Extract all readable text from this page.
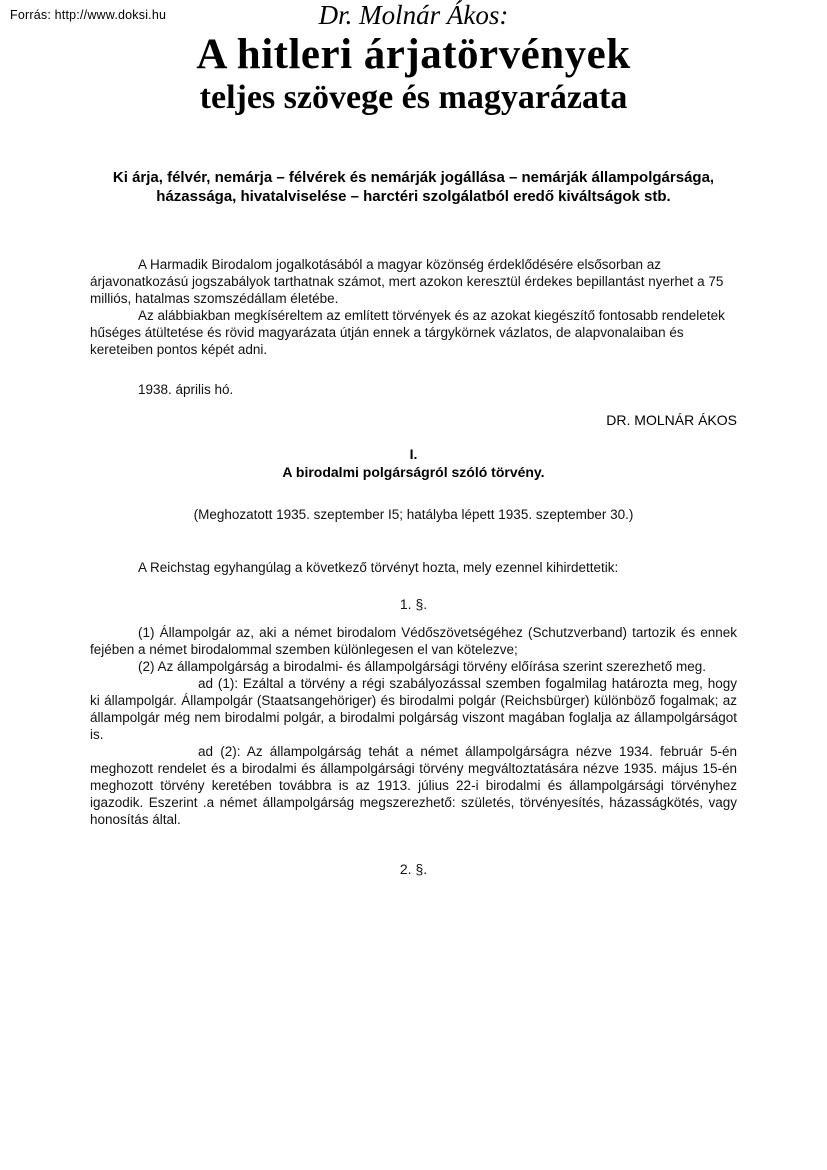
Forrás: http://www.doksi.hu	Dr. Molnár Ákos:

A hitleri árjatörvények
teljes szövege és magyarázata

Ki árja, félvér, nemárja – félvérek és nemárják jogállása – nemárják állampolgársága, házassága, hivatalviselése – harctéri szolgálatból eredő kiváltságok stb.

A Harmadik Birodalom jogalkotásából a magyar közönség érdeklődésére elsősorban az árjavonatkozású jogszabályok tarthatnak számot, mert azokon keresztül érdekes bepillantást nyerhet a 75 milliós, hatalmas szomszédállam életébe.

Az alábbiakban megkíséreltem az említett törvények és az azokat kiegészítő fontosabb rendeletek hűséges átültetése és rövid magyarázata útján ennek a tárgykörnek vázlatos, de alapvonalaiban és kereteiben pontos képét adni.

1938. április hó.

DR. MOLNÁR ÁKOS

I.

A birodalmi polgárságról szóló törvény.

(Meghozatott 1935. szeptember I5; hatályba lépett 1935. szeptember 30.)

A Reichstag egyhangúlag a következő törvényt hozta, mely ezennel kihirdettetik:

1. §.

(1) Állampolgár az, aki a német birodalom Védőszövetségéhez (Schutzverband) tartozik és ennek fejében a német birodalommal szemben különlegesen el van kötelezve;

(2) Az állampolgárság a birodalmi- és állampolgársági törvény előírása szerint szerezhető meg.

ad (1): Ezáltal a törvény a régi szabályozással szemben fogalmilag határozta meg, hogy ki állampolgár. Állampolgár (Staatsangehöriger) és birodalmi polgár (Reichsbürger) különböző fogalmak; az állampolgár még nem birodalmi polgár, a birodalmi polgárság viszont magában foglalja az állampolgárságot is.

ad (2): Az állampolgárság tehát a német állampolgárságra nézve 1934. február 5-én meghozott rendelet és a birodalmi és állampolgársági törvény megváltoztatására nézve 1935. május 15-én meghozott törvény keretében továbbra is az 1913. július 22-i birodalmi és állampolgársági törvényhez igazodik. Eszerint .a német állampolgárság megszerezhető: születés, törvényesítés, házasságkötés, vagy honosítás által.

2. §.
